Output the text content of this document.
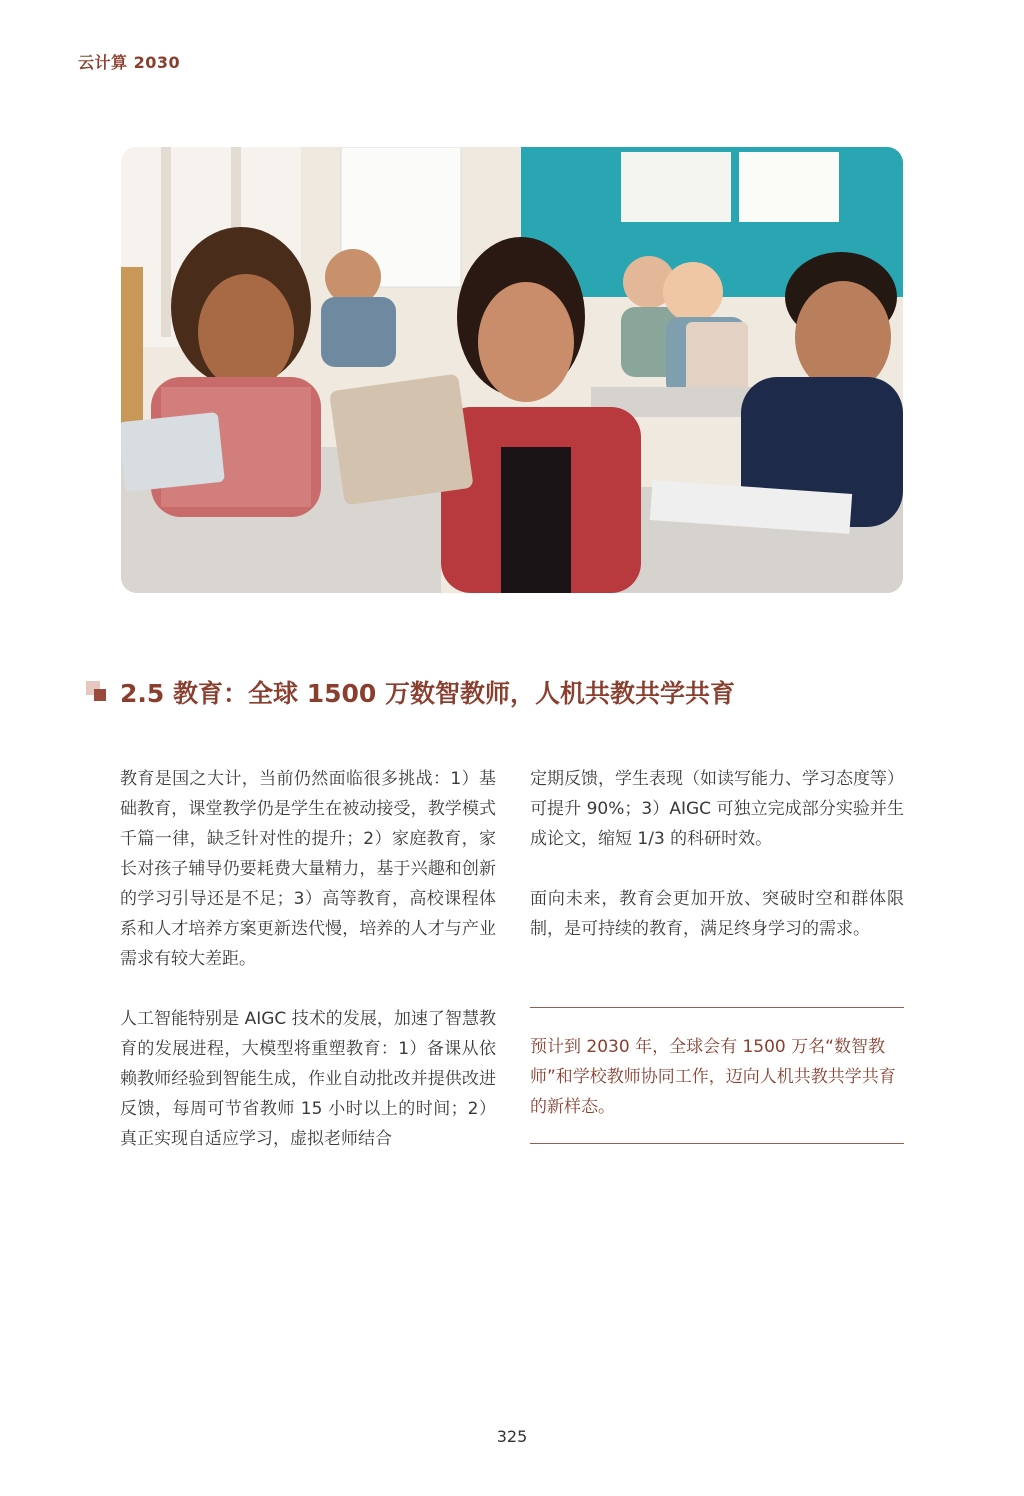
云计算 2030
2.5 教育：全球 1500 万数智教师，人机共教共学共育

教育是国之大计，当前仍然面临很多挑战：1）基础教育，课堂教学仍是学生在被动接受，教学模式千篇一律，缺乏针对性的提升；2）家庭教育，家长对孩子辅导仍要耗费大量精力，基于兴趣和创新的学习引导还是不足；3）高等教育，高校课程体系和人才培养方案更新迭代慢，培养的人才与产业需求有较大差距。

人工智能特别是 AIGC 技术的发展，加速了智慧教育的发展进程，大模型将重塑教育：1）备课从依赖教师经验到智能生成，作业自动批改并提供改进反馈，每周可节省教师 15 小时以上的时间；2）真正实现自适应学习，虚拟老师结合

定期反馈，学生表现（如读写能力、学习态度等）可提升 90%；3）AIGC 可独立完成部分实验并生成论文，缩短 1/3 的科研时效。

面向未来，教育会更加开放、突破时空和群体限制，是可持续的教育，满足终身学习的需求。

预计到 2030 年，全球会有 1500 万名“数智教师”和学校教师协同工作，迈向人机共教共学共育的新样态。
325
